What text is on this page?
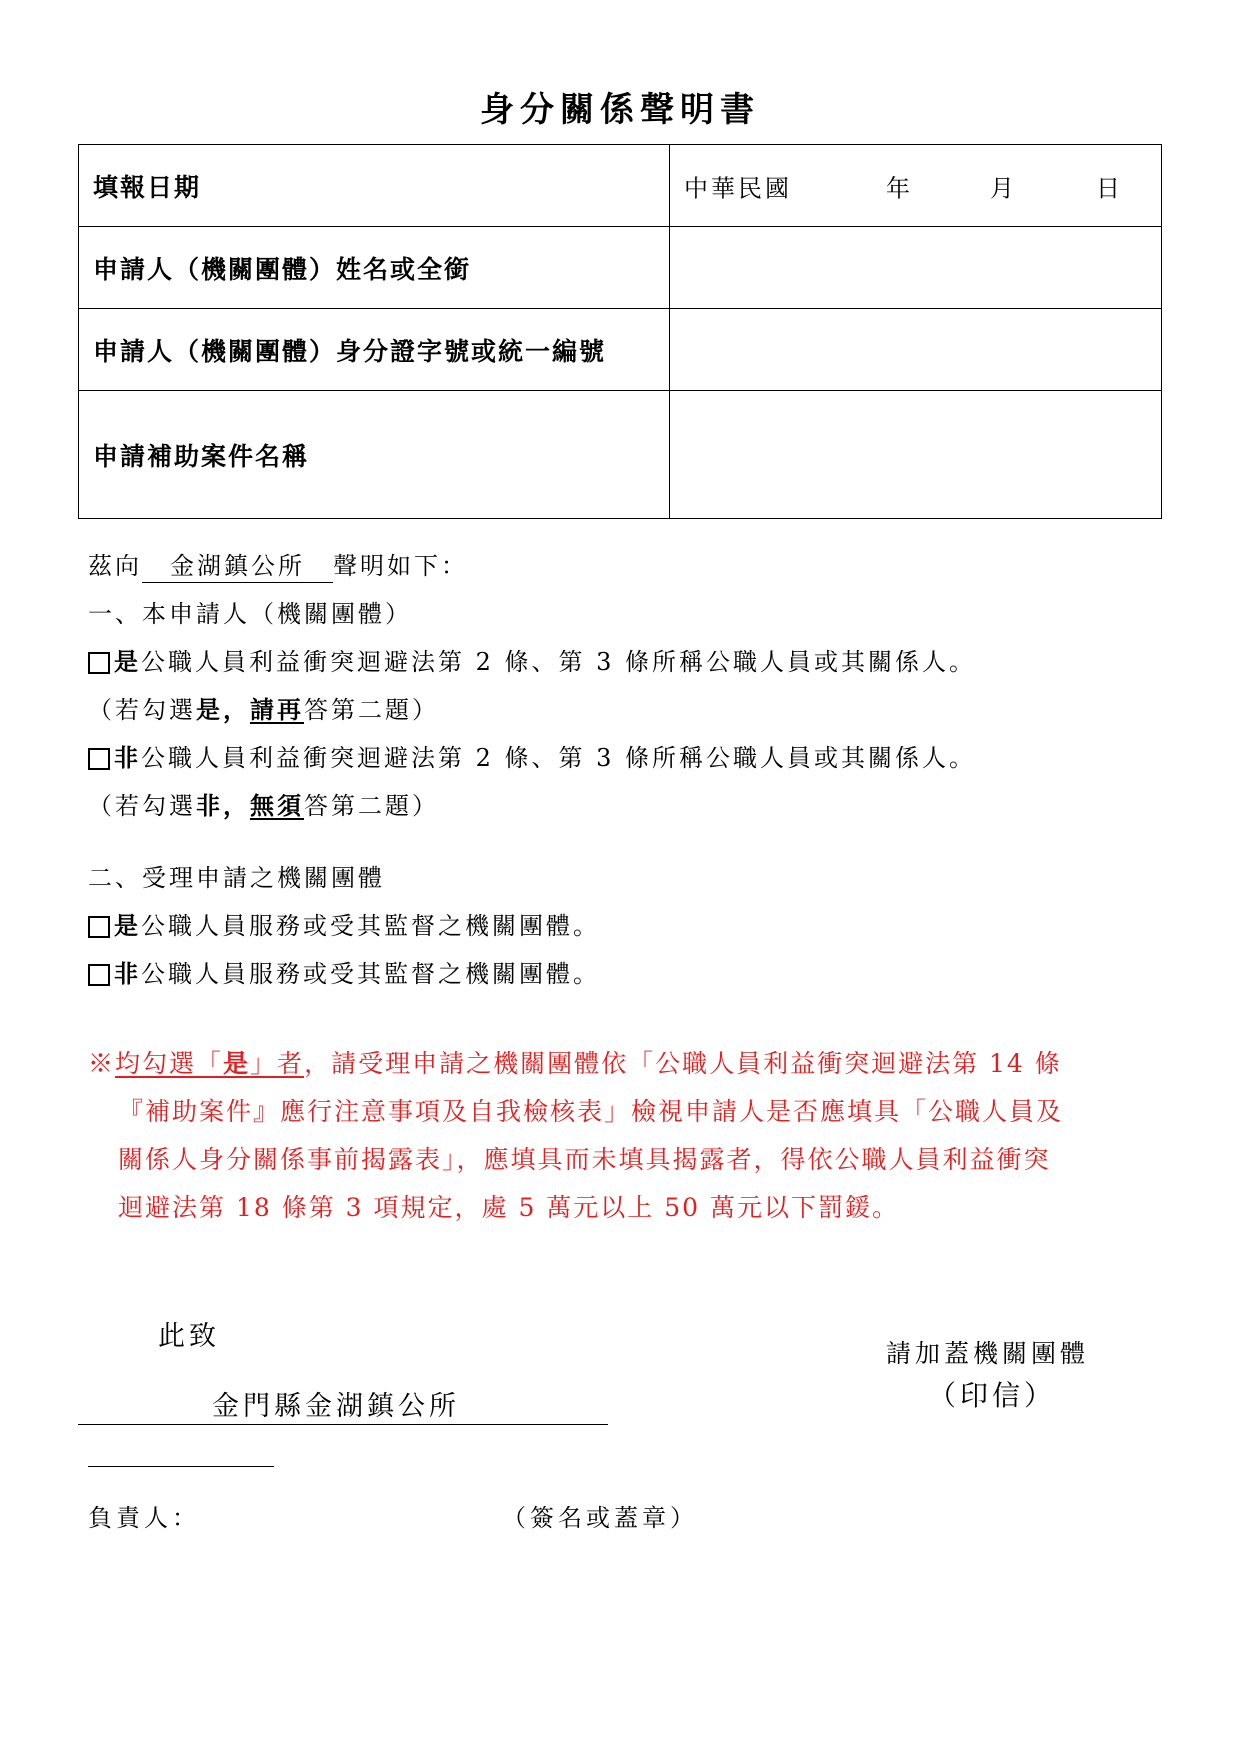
身分關係聲明書
填報日期	中華民國 年 月 日

申請人（機關團體）姓名或全銜	
申請人（機關團體）身分證字號或統一編號	
申請補助案件名稱	
茲向 金湖鎮公所 聲明如下：
一、本申請人（機關團體）
是公職人員利益衝突迴避法第 2 條、第 3 條所稱公職人員或其關係人。
（若勾選是，請再答第二題）
非公職人員利益衝突迴避法第 2 條、第 3 條所稱公職人員或其關係人。
（若勾選非，無須答第二題）
二、受理申請之機關團體
是公職人員服務或受其監督之機關團體。
非公職人員服務或受其監督之機關團體。
※均勾選「是」者，請受理申請之機關團體依「公職人員利益衝突迴避法第 14 條
『補助案件』應行注意事項及自我檢核表」檢視申請人是否應填具「公職人員及
關係人身分關係事前揭露表」，應填具而未填具揭露者，得依公職人員利益衝突
迴避法第 18 條第 3 項規定，處 5 萬元以上 50 萬元以下罰鍰。
此致
金門縣金湖鎮公所
請加蓋機關團體
（印信）
負責人：	（簽名或蓋章）
